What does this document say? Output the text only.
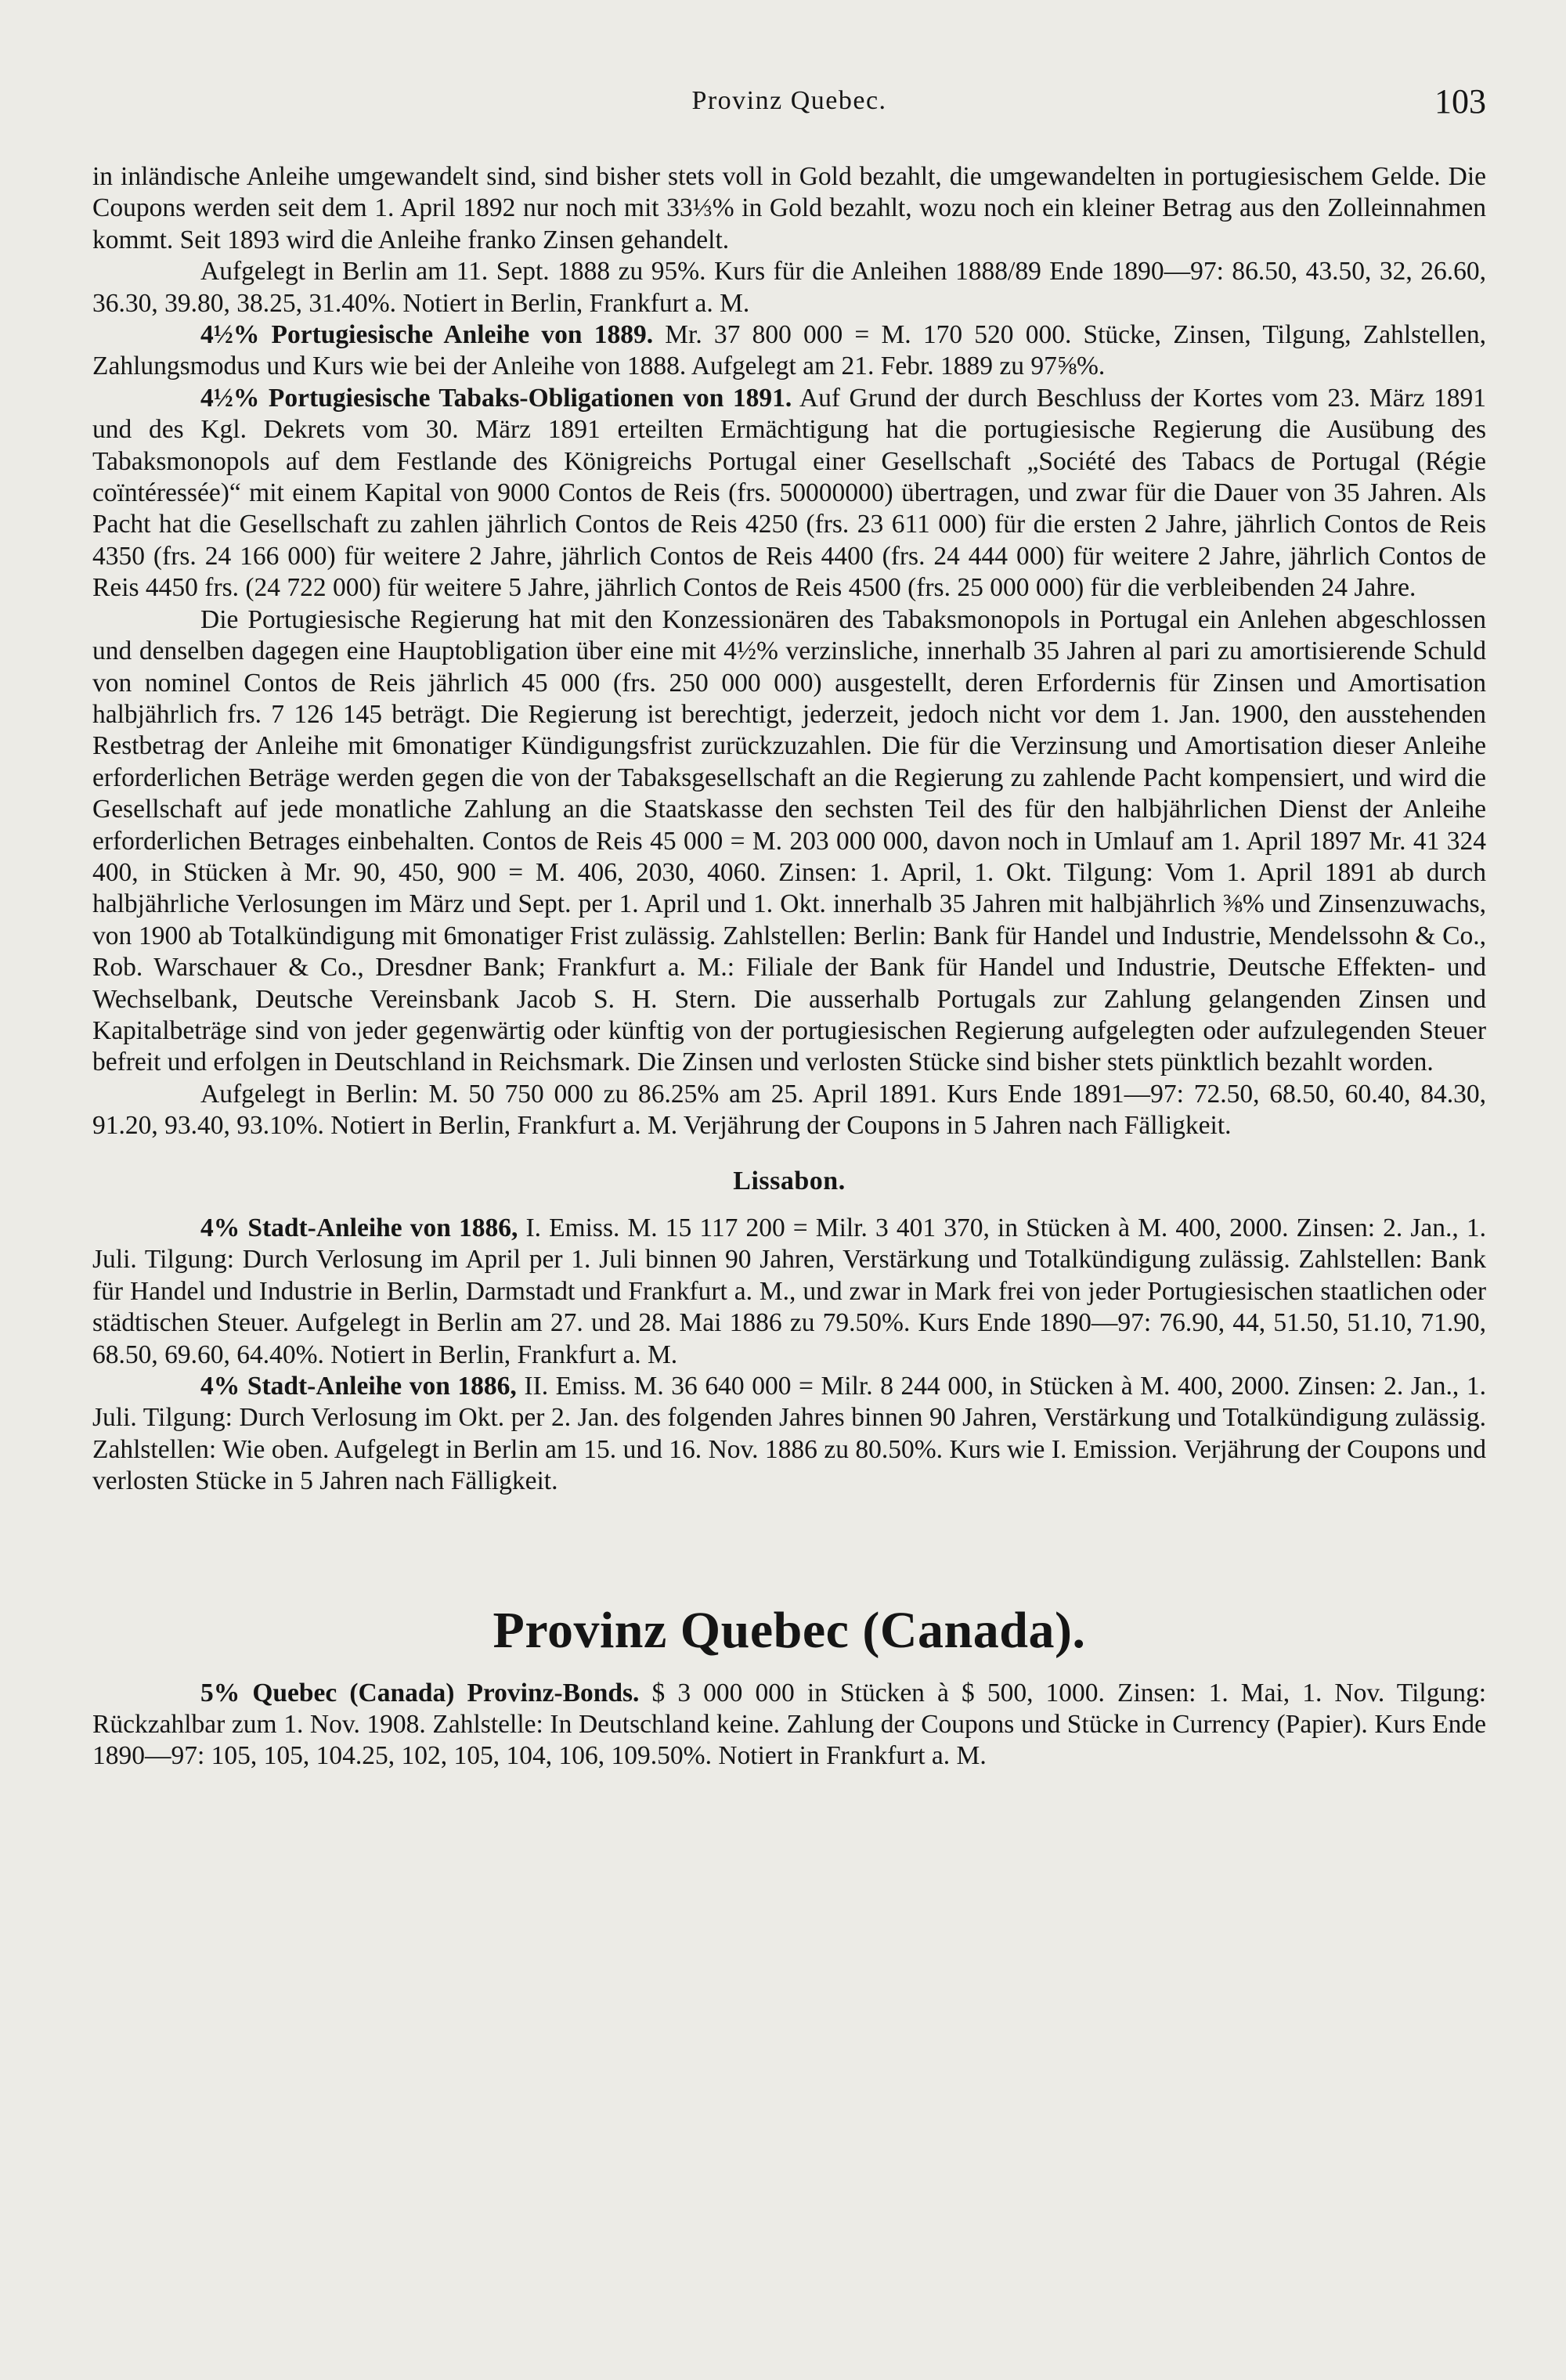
Provinz Quebec.	103

in inländische Anleihe umgewandelt sind, sind bisher stets voll in Gold bezahlt, die umgewandelten in portugiesischem Gelde. Die Coupons werden seit dem 1. April 1892 nur noch mit 33⅓% in Gold bezahlt, wozu noch ein kleiner Betrag aus den Zolleinnahmen kommt. Seit 1893 wird die Anleihe franko Zinsen gehandelt.

Aufgelegt in Berlin am 11. Sept. 1888 zu 95%. Kurs für die Anleihen 1888/89 Ende 1890—97: 86.50, 43.50, 32, 26.60, 36.30, 39.80, 38.25, 31.40%. Notiert in Berlin, Frankfurt a. M.

4½% Portugiesische Anleihe von 1889. Mr. 37 800 000 = M. 170 520 000. Stücke, Zinsen, Tilgung, Zahlstellen, Zahlungsmodus und Kurs wie bei der Anleihe von 1888. Aufgelegt am 21. Febr. 1889 zu 97⅝%.

4½% Portugiesische Tabaks-Obligationen von 1891. Auf Grund der durch Beschluss der Kortes vom 23. März 1891 und des Kgl. Dekrets vom 30. März 1891 erteilten Ermächtigung hat die portugiesische Regierung die Ausübung des Tabaksmonopols auf dem Festlande des Königreichs Portugal einer Gesellschaft „Société des Tabacs de Portugal (Régie coïntéressée)“ mit einem Kapital von 9000 Contos de Reis (frs. 50000000) übertragen, und zwar für die Dauer von 35 Jahren. Als Pacht hat die Gesellschaft zu zahlen jährlich Contos de Reis 4250 (frs. 23 611 000) für die ersten 2 Jahre, jährlich Contos de Reis 4350 (frs. 24 166 000) für weitere 2 Jahre, jährlich Contos de Reis 4400 (frs. 24 444 000) für weitere 2 Jahre, jährlich Contos de Reis 4450 frs. (24 722 000) für weitere 5 Jahre, jährlich Contos de Reis 4500 (frs. 25 000 000) für die verbleibenden 24 Jahre.

Die Portugiesische Regierung hat mit den Konzessionären des Tabaksmonopols in Portugal ein Anlehen abgeschlossen und denselben dagegen eine Hauptobligation über eine mit 4½% verzinsliche, innerhalb 35 Jahren al pari zu amortisierende Schuld von nominel Contos de Reis jährlich 45 000 (frs. 250 000 000) ausgestellt, deren Erfordernis für Zinsen und Amortisation halbjährlich frs. 7 126 145 beträgt. Die Regierung ist berechtigt, jederzeit, jedoch nicht vor dem 1. Jan. 1900, den ausstehenden Restbetrag der Anleihe mit 6monatiger Kündigungsfrist zurückzuzahlen. Die für die Verzinsung und Amortisation dieser Anleihe erforderlichen Beträge werden gegen die von der Tabaksgesellschaft an die Regierung zu zahlende Pacht kompensiert, und wird die Gesellschaft auf jede monatliche Zahlung an die Staatskasse den sechsten Teil des für den halbjährlichen Dienst der Anleihe erforderlichen Betrages einbehalten. Contos de Reis 45 000 = M. 203 000 000, davon noch in Umlauf am 1. April 1897 Mr. 41 324 400, in Stücken à Mr. 90, 450, 900 = M. 406, 2030, 4060. Zinsen: 1. April, 1. Okt. Tilgung: Vom 1. April 1891 ab durch halbjährliche Verlosungen im März und Sept. per 1. April und 1. Okt. innerhalb 35 Jahren mit halbjährlich ⅜% und Zinsenzuwachs, von 1900 ab Totalkündigung mit 6monatiger Frist zulässig. Zahlstellen: Berlin: Bank für Handel und Industrie, Mendelssohn & Co., Rob. Warschauer & Co., Dresdner Bank; Frankfurt a. M.: Filiale der Bank für Handel und Industrie, Deutsche Effekten- und Wechselbank, Deutsche Vereinsbank Jacob S. H. Stern. Die ausserhalb Portugals zur Zahlung gelangenden Zinsen und Kapitalbeträge sind von jeder gegenwärtig oder künftig von der portugiesischen Regierung aufgelegten oder aufzulegenden Steuer befreit und erfolgen in Deutschland in Reichsmark. Die Zinsen und verlosten Stücke sind bisher stets pünktlich bezahlt worden.

Aufgelegt in Berlin: M. 50 750 000 zu 86.25% am 25. April 1891. Kurs Ende 1891—97: 72.50, 68.50, 60.40, 84.30, 91.20, 93.40, 93.10%. Notiert in Berlin, Frankfurt a. M. Verjährung der Coupons in 5 Jahren nach Fälligkeit.

Lissabon.

4% Stadt-Anleihe von 1886, I. Emiss. M. 15 117 200 = Milr. 3 401 370, in Stücken à M. 400, 2000. Zinsen: 2. Jan., 1. Juli. Tilgung: Durch Verlosung im April per 1. Juli binnen 90 Jahren, Verstärkung und Totalkündigung zulässig. Zahlstellen: Bank für Handel und Industrie in Berlin, Darmstadt und Frankfurt a. M., und zwar in Mark frei von jeder Portugiesischen staatlichen oder städtischen Steuer. Aufgelegt in Berlin am 27. und 28. Mai 1886 zu 79.50%. Kurs Ende 1890—97: 76.90, 44, 51.50, 51.10, 71.90, 68.50, 69.60, 64.40%. Notiert in Berlin, Frankfurt a. M.

4% Stadt-Anleihe von 1886, II. Emiss. M. 36 640 000 = Milr. 8 244 000, in Stücken à M. 400, 2000. Zinsen: 2. Jan., 1. Juli. Tilgung: Durch Verlosung im Okt. per 2. Jan. des folgenden Jahres binnen 90 Jahren, Verstärkung und Totalkündigung zulässig. Zahlstellen: Wie oben. Aufgelegt in Berlin am 15. und 16. Nov. 1886 zu 80.50%. Kurs wie I. Emission. Verjährung der Coupons und verlosten Stücke in 5 Jahren nach Fälligkeit.

Provinz Quebec (Canada).

5% Quebec (Canada) Provinz-Bonds. $ 3 000 000 in Stücken à $ 500, 1000. Zinsen: 1. Mai, 1. Nov. Tilgung: Rückzahlbar zum 1. Nov. 1908. Zahlstelle: In Deutschland keine. Zahlung der Coupons und Stücke in Currency (Papier). Kurs Ende 1890—97: 105, 105, 104.25, 102, 105, 104, 106, 109.50%. Notiert in Frankfurt a. M.
